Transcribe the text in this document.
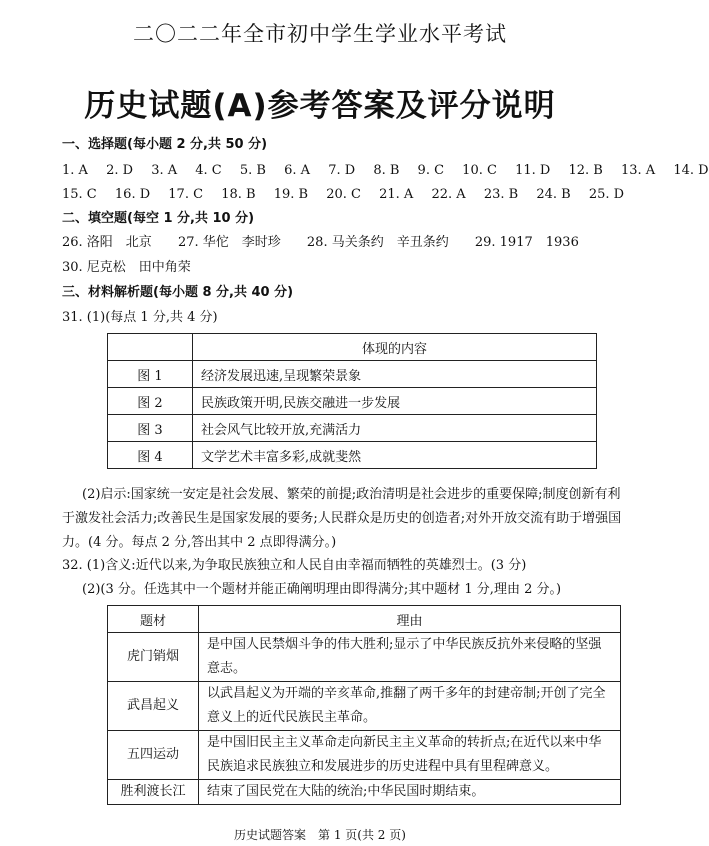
二〇二二年全市初中学生学业水平考试
历史试题(A)参考答案及评分说明
一、选择题(每小题 2 分,共 50 分)
1. A 2. D 3. A 4. C 5. B 6. A 7. D 8. B 9. C 10. C 11. D 12. B 13. A 14. D
15. C 16. D 17. C 18. B 19. B 20. C 21. A 22. A 23. B 24. B 25. D
二、填空题(每空 1 分,共 10 分)
26. 洛阳　北京 27. 华佗　李时珍 28. 马关条约　辛丑条约 29. 1917　1936
30. 尼克松　田中角荣
三、材料解析题(每小题 8 分,共 40 分)
31. (1)(每点 1 分,共 4 分)
	体现的内容
图 1	经济发展迅速,呈现繁荣景象
图 2	民族政策开明,民族交融进一步发展
图 3	社会风气比较开放,充满活力
图 4	文学艺术丰富多彩,成就斐然
(2)启示:国家统一安定是社会发展、繁荣的前提;政治清明是社会进步的重要保障;制度创新有利于激发社会活力;改善民生是国家发展的要务;人民群众是历史的创造者;对外开放交流有助于增强国力。(4 分。每点 2 分,答出其中 2 点即得满分。)
32. (1)含义:近代以来,为争取民族独立和人民自由幸福而牺牲的英雄烈士。(3 分)
(2)(3 分。任选其中一个题材并能正确阐明理由即得满分;其中题材 1 分,理由 2 分。)
题材	理由
虎门销烟	是中国人民禁烟斗争的伟大胜利;显示了中华民族反抗外来侵略的坚强意志。
武昌起义	以武昌起义为开端的辛亥革命,推翻了两千多年的封建帝制;开创了完全意义上的近代民族民主革命。
五四运动	是中国旧民主主义革命走向新民主主义革命的转折点;在近代以来中华民族追求民族独立和发展进步的历史进程中具有里程碑意义。
胜利渡长江	结束了国民党在大陆的统治;中华民国时期结束。
历史试题答案　第 1 页(共 2 页)
